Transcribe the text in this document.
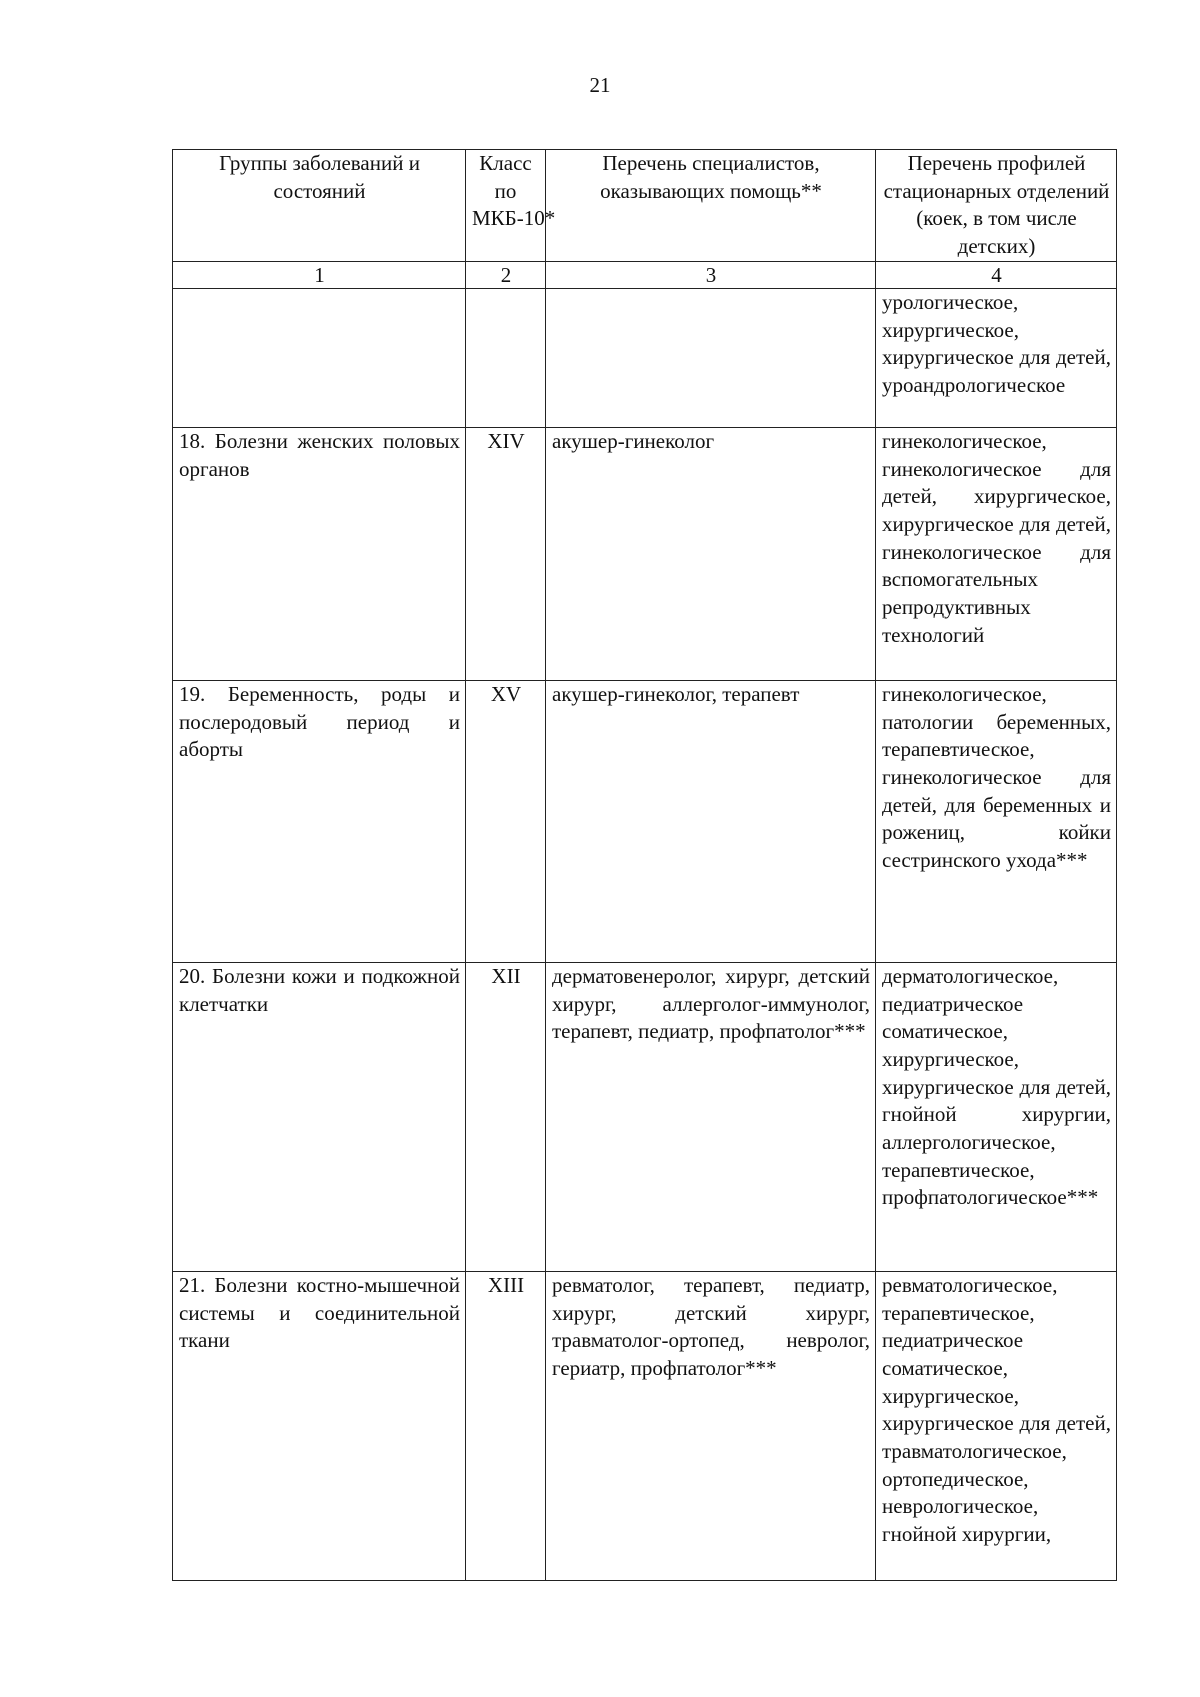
21
Группы заболеваний и состояний	Класс по МКБ-10*	Перечень специалистов, оказывающих помощь**	Перечень профилей стационарных отделений (коек, в том числе детских)
1	2	3	4
			урологическое, хирургическое, хирургическое для детей, уроандрологическое
18. Болезни женских половых органов	XIV	акушер-гинеколог	гинекологическое, гинекологическое для детей, хирургическое, хирургическое для детей, гинекологическое для вспомогательных репродуктивных технологий
19. Беременность, роды и послеродовый период и аборты	XV	акушер-гинеколог, терапевт	гинекологическое, патологии беременных, терапевтическое, гинекологическое для детей, для беременных и рожениц, койки сестринского ухода***
20. Болезни кожи и подкожной клетчатки	XII	дерматовенеролог, хирург, детский хирург, аллерголог-иммунолог, терапевт, педиатр, профпатолог***	дерматологическое, педиатрическое соматическое, хирургическое, хирургическое для детей, гнойной хирургии, аллергологическое, терапевтическое, профпатологическое***
21. Болезни костно-мышечной системы и соединительной ткани	XIII	ревматолог, терапевт, педиатр, хирург, детский хирург, травматолог-ортопед, невролог, гериатр, профпатолог***	ревматологическое, терапевтическое, педиатрическое соматическое, хирургическое, хирургическое для детей, травматологическое, ортопедическое, неврологическое, гнойной хирургии,
